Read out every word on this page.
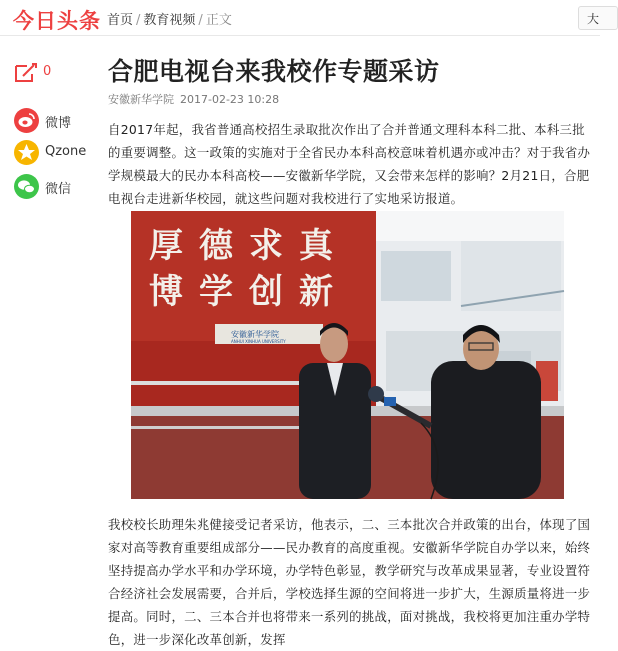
今日头条 首页 / 教育视频 / 正文	大
0
微博
Qzone
微信
合肥电视台来我校作专题采访
安徽新华学院 2017-02-23 10:28

自2017年起，我省普通高校招生录取批次作出了合并普通文理科本科二批、本科三批的重要调整。这一政策的实施对于全省民办本科高校意味着机遇亦或冲击？对于我省办学规模最大的民办本科高校——安徽新华学院，又会带来怎样的影响？2月21日，合肥电视台走进新华校园，就这些问题对我校进行了实地采访报道。

厚德求真
博学创新
安徽新华学院
ANHUI XINHUA UNIVERSITY

我校校长助理朱兆健接受记者采访，他表示，二、三本批次合并政策的出台，体现了国家对高等教育重要组成部分——民办教育的高度重视。安徽新华学院自办学以来，始终坚持提高办学水平和办学环境，办学特色彰显，教学研究与改革成果显著，专业设置符合经济社会发展需要，合并后，学校选择生源的空间将进一步扩大，生源质量将进一步提高。同时，二、三本合并也将带来一系列的挑战，面对挑战，我校将更加注重办学特色，进一步深化改革创新，发挥
